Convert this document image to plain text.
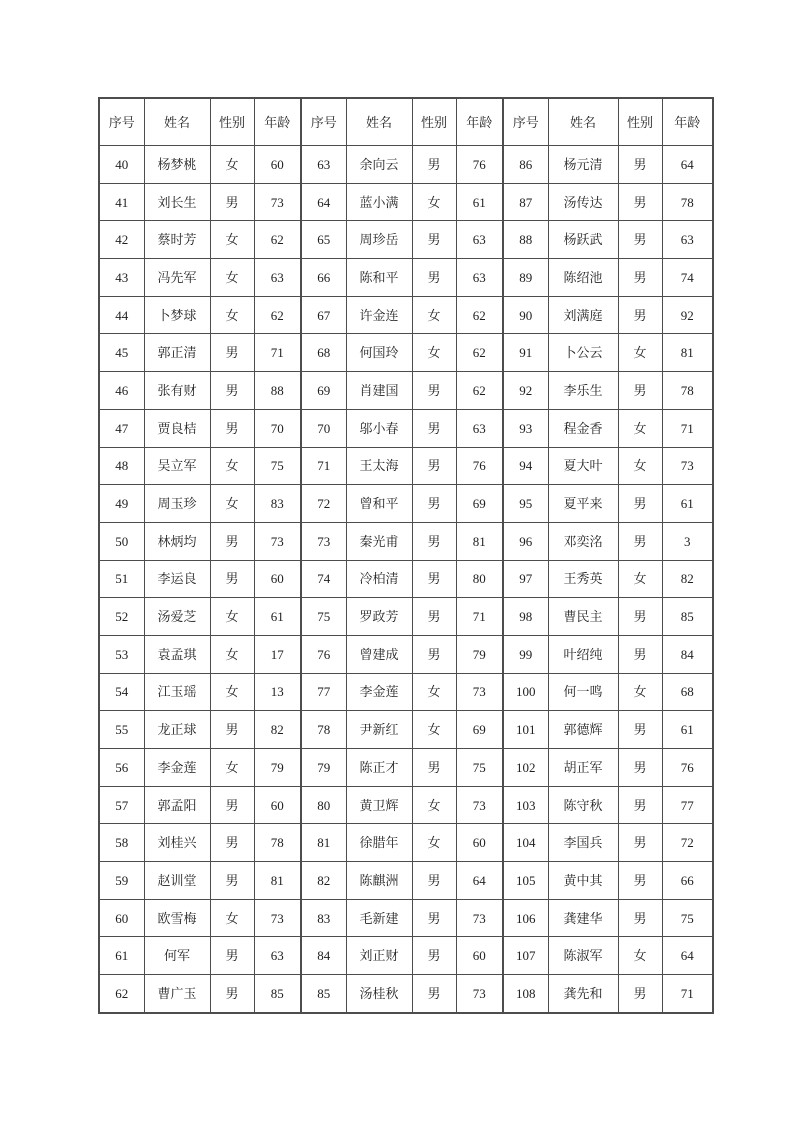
序号	姓名	性别	年龄	序号	姓名	性别	年龄	序号	姓名	性别	年龄
40	杨梦桃	女	60	63	余向云	男	76	86	杨元清	男	64
41	刘长生	男	73	64	蓝小满	女	61	87	汤传达	男	78
42	蔡时芳	女	62	65	周珍岳	男	63	88	杨跃武	男	63
43	冯先军	女	63	66	陈和平	男	63	89	陈绍池	男	74
44	卜梦球	女	62	67	许金连	女	62	90	刘满庭	男	92
45	郭正清	男	71	68	何国玲	女	62	91	卜公云	女	81
46	张有财	男	88	69	肖建国	男	62	92	李乐生	男	78
47	贾良桔	男	70	70	邬小春	男	63	93	程金香	女	71
48	吴立军	女	75	71	王太海	男	76	94	夏大叶	女	73
49	周玉珍	女	83	72	曾和平	男	69	95	夏平来	男	61
50	林炳均	男	73	73	秦光甫	男	81	96	邓奕洺	男	3
51	李运良	男	60	74	冷柏清	男	80	97	王秀英	女	82
52	汤爱芝	女	61	75	罗政芳	男	71	98	曹民主	男	85
53	袁孟琪	女	17	76	曾建成	男	79	99	叶绍纯	男	84
54	江玉瑶	女	13	77	李金莲	女	73	100	何一鸣	女	68
55	龙正球	男	82	78	尹新红	女	69	101	郭德辉	男	61
56	李金莲	女	79	79	陈正才	男	75	102	胡正军	男	76
57	郭孟阳	男	60	80	黄卫辉	女	73	103	陈守秋	男	77
58	刘桂兴	男	78	81	徐腊年	女	60	104	李国兵	男	72
59	赵训堂	男	81	82	陈麒洲	男	64	105	黄中其	男	66
60	欧雪梅	女	73	83	毛新建	男	73	106	龚建华	男	75
61	何军	男	63	84	刘正财	男	60	107	陈淑军	女	64
62	曹广玉	男	85	85	汤桂秋	男	73	108	龚先和	男	71
